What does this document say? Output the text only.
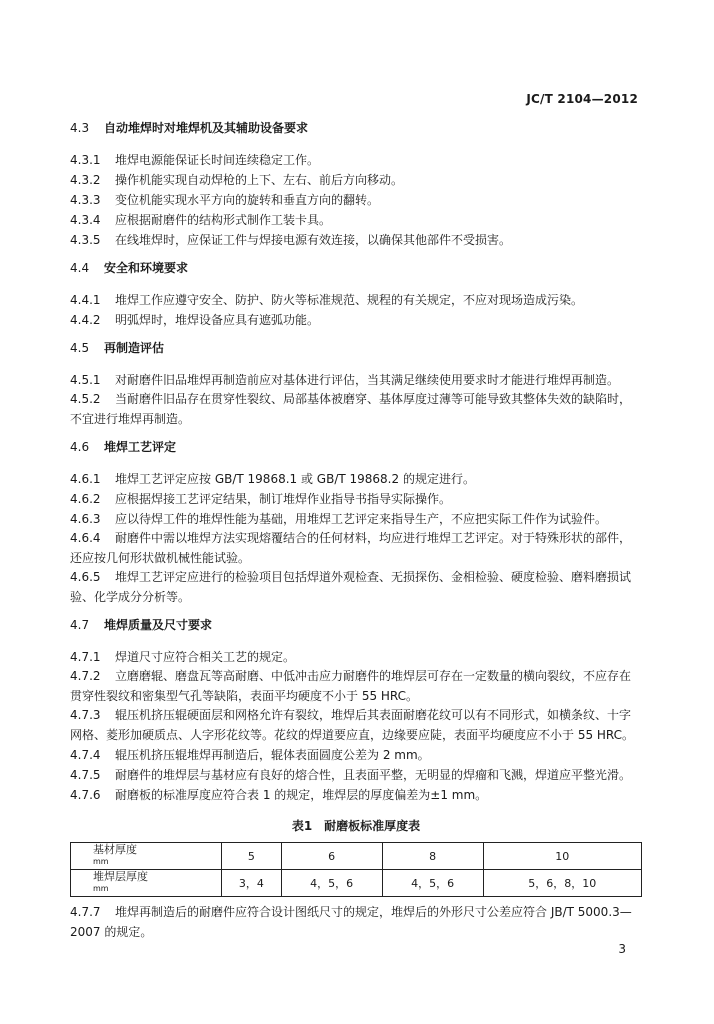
JC/T 2104—2012
4.3 自动堆焊时对堆焊机及其辅助设备要求

4.3.1 堆焊电源能保证长时间连续稳定工作。

4.3.2 操作机能实现自动焊枪的上下、左右、前后方向移动。

4.3.3 变位机能实现水平方向的旋转和垂直方向的翻转。

4.3.4 应根据耐磨件的结构形式制作工装卡具。

4.3.5 在线堆焊时，应保证工件与焊接电源有效连接，以确保其他部件不受损害。

4.4 安全和环境要求

4.4.1 堆焊工作应遵守安全、防护、防火等标准规范、规程的有关规定，不应对现场造成污染。

4.4.2 明弧焊时，堆焊设备应具有遮弧功能。

4.5 再制造评估

4.5.1 对耐磨件旧品堆焊再制造前应对基体进行评估，当其满足继续使用要求时才能进行堆焊再制造。

4.5.2 当耐磨件旧品存在贯穿性裂纹、局部基体被磨穿、基体厚度过薄等可能导致其整体失效的缺陷时，不宜进行堆焊再制造。

4.6 堆焊工艺评定

4.6.1 堆焊工艺评定应按 GB/T 19868.1 或 GB/T 19868.2 的规定进行。

4.6.2 应根据焊接工艺评定结果，制订堆焊作业指导书指导实际操作。

4.6.3 应以待焊工件的堆焊性能为基础，用堆焊工艺评定来指导生产，不应把实际工件作为试验件。

4.6.4 耐磨件中需以堆焊方法实现熔覆结合的任何材料，均应进行堆焊工艺评定。对于特殊形状的部件，还应按几何形状做机械性能试验。

4.6.5 堆焊工艺评定应进行的检验项目包括焊道外观检查、无损探伤、金相检验、硬度检验、磨料磨损试验、化学成分分析等。

4.7 堆焊质量及尺寸要求

4.7.1 焊道尺寸应符合相关工艺的规定。

4.7.2 立磨磨辊、磨盘瓦等高耐磨、中低冲击应力耐磨件的堆焊层可存在一定数量的横向裂纹，不应存在贯穿性裂纹和密集型气孔等缺陷，表面平均硬度不小于 55 HRC。

4.7.3 辊压机挤压辊硬面层和网格允许有裂纹，堆焊后其表面耐磨花纹可以有不同形式，如横条纹、十字网格、菱形加硬质点、人字形花纹等。花纹的焊道要应直，边缘要应陡，表面平均硬度应不小于 55 HRC。

4.7.4 辊压机挤压辊堆焊再制造后，辊体表面圆度公差为 2 mm。

4.7.5 耐磨件的堆焊层与基材应有良好的熔合性，且表面平整，无明显的焊瘤和飞溅，焊道应平整光滑。

4.7.6 耐磨板的标准厚度应符合表 1 的规定，堆焊层的厚度偏差为±1 mm。

表1　耐磨板标准厚度表
基材厚度
mm	5	6	8	10
堆焊层厚度
mm	3，4	4，5，6	4，5，6	5，6，8，10

4.7.7 堆焊再制造后的耐磨件应符合设计图纸尺寸的规定，堆焊后的外形尺寸公差应符合 JB/T 5000.3—2007 的规定。

3
